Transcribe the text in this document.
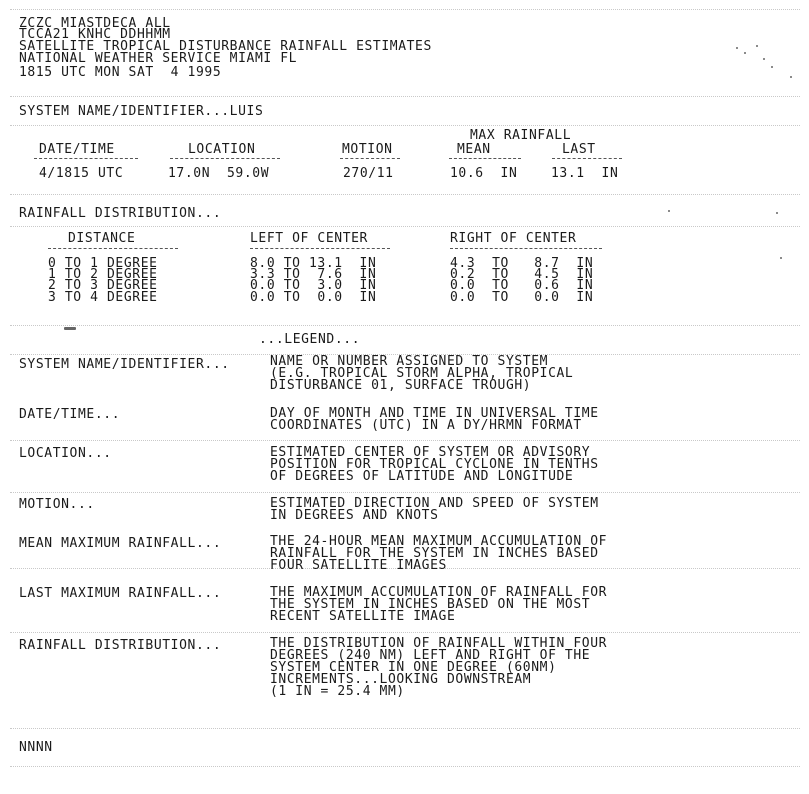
ZCZC MIASTDECA ALL
TCCA21 KNHC DDHHMM
SATELLITE TROPICAL DISTURBANCE RAINFALL ESTIMATES
NATIONAL WEATHER SERVICE MIAMI FL
1815 UTC MON SAT  4 1995
SYSTEM NAME/IDENTIFIER...LUIS
MAX RAINFALL
DATE/TIME	LOCATION	MOTION	MEAN	LAST
4/1815 UTC	17.0N  59.0W	270/11	10.6  IN	13.1  IN
RAINFALL DISTRIBUTION...
DISTANCE	LEFT OF CENTER	RIGHT OF CENTER
0 TO 1 DEGREE	8.0 TO 13.1  IN	4.3  TO   8.7  IN
1 TO 2 DEGREE	3.3 TO  7.6  IN	0.2  TO   4.5  IN
2 TO 3 DEGREE	0.0 TO  3.0  IN	0.0  TO   0.6  IN
3 TO 4 DEGREE	0.0 TO  0.0  IN	0.0  TO   0.0  IN
...LEGEND...
SYSTEM NAME/IDENTIFIER...	NAME OR NUMBER ASSIGNED TO SYSTEM
(E.G. TROPICAL STORM ALPHA, TROPICAL
DISTURBANCE 01, SURFACE TROUGH)
DATE/TIME...	DAY OF MONTH AND TIME IN UNIVERSAL TIME
COORDINATES (UTC) IN A DY/HRMN FORMAT
LOCATION...	ESTIMATED CENTER OF SYSTEM OR ADVISORY
POSITION FOR TROPICAL CYCLONE IN TENTHS
OF DEGREES OF LATITUDE AND LONGITUDE
MOTION...	ESTIMATED DIRECTION AND SPEED OF SYSTEM
IN DEGREES AND KNOTS
MEAN MAXIMUM RAINFALL...	THE 24-HOUR MEAN MAXIMUM ACCUMULATION OF
RAINFALL FOR THE SYSTEM IN INCHES BASED
FOUR SATELLITE IMAGES
LAST MAXIMUM RAINFALL...	THE MAXIMUM ACCUMULATION OF RAINFALL FOR
THE SYSTEM IN INCHES BASED ON THE MOST
RECENT SATELLITE IMAGE
RAINFALL DISTRIBUTION...	THE DISTRIBUTION OF RAINFALL WITHIN FOUR
DEGREES (240 NM) LEFT AND RIGHT OF THE
SYSTEM CENTER IN ONE DEGREE (60NM)
INCREMENTS...LOOKING DOWNSTREAM
(1 IN = 25.4 MM)
NNNN
